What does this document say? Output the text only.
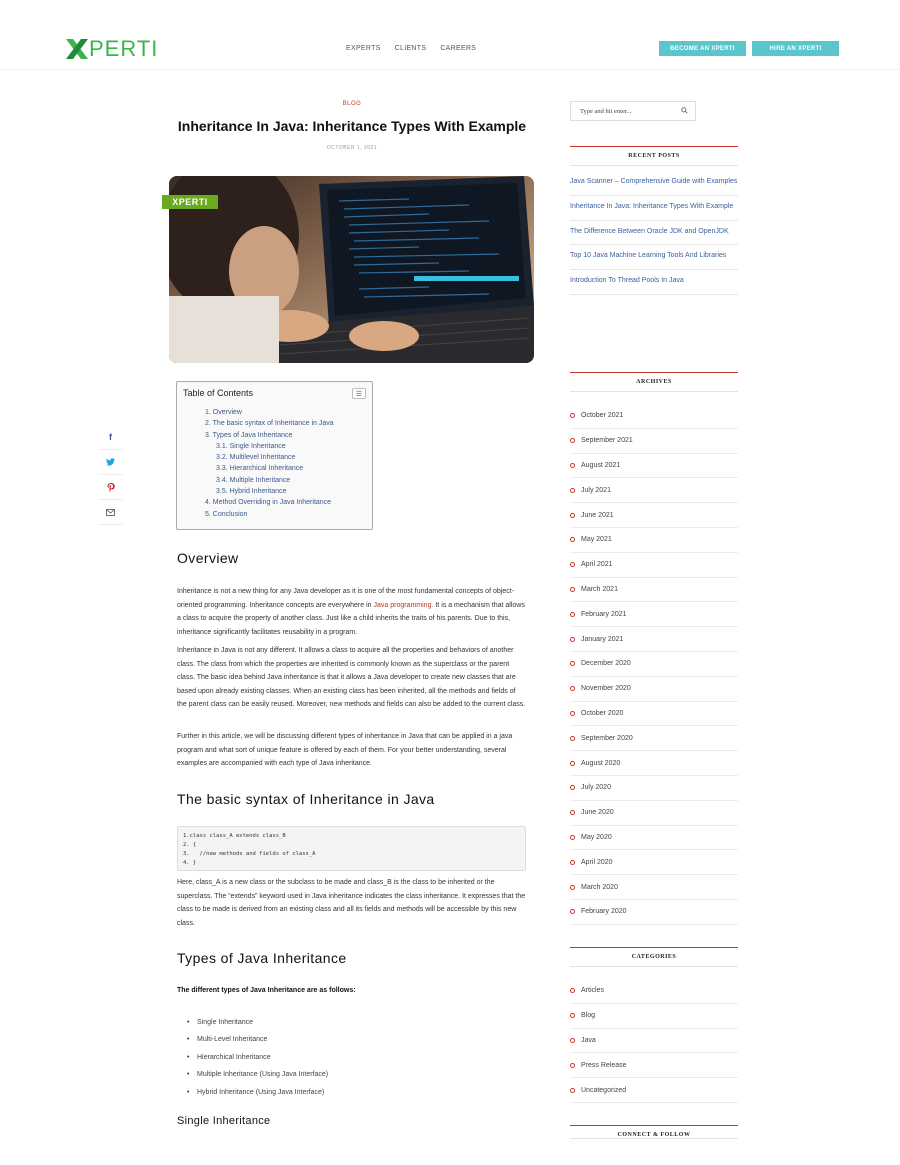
PERTI	EXPERTS CLIENTS CAREERS	BECOME AN XPERTI	HIRE AN XPERTI
f
BLOG
Inheritance In Java: Inheritance Types With Example
OCTOBER 1, 2021
XPERTI
Table of Contents	☰
1. Overview
2. The basic syntax of Inheritance in Java
3. Types of Java Inheritance
3.1. Single Inheritance
3.2. Multilevel Inheritance
3.3. Hierarchical Inheritance
3.4. Multiple Inheritance
3.5. Hybrid Inheritance
4. Method Overriding in Java Inheritance
5. Conclusion
Overview
Inheritance is not a new thing for any Java developer as it is one of the most fundamental concepts of object-oriented programming. Inheritance concepts are everywhere in Java programming. It is a mechanism that allows a class to acquire the property of another class. Just like a child inherits the traits of his parents. Due to this, inheritance significantly facilitates reusability in a program.
Inheritance in Java is not any different. It allows a class to acquire all the properties and behaviors of another class. The class from which the properties are inherited is commonly known as the superclass or the parent class. The basic idea behind Java inheritance is that it allows a Java developer to create new classes that are based upon already existing classes. When an existing class has been inherited, all the methods and fields of the parent class can be easily reused. Moreover, new methods and fields can also be added to the current class.
Further in this article, we will be discussing different types of inheritance in Java that can be applied in a java program and what sort of unique feature is offered by each of them. For your better understanding, several examples are accompanied with each type of Java inheritance.
The basic syntax of Inheritance in Java
1.class class_A extends class_B
2. {
3.   //new methods and fields of class_A
4. }
Here, class_A is a new class or the subclass to be made and class_B is the class to be inherited or the superclass. The “extends” keyword used in Java inheritance indicates the class inheritance. It expresses that the class to be made is derived from an existing class and all its fields and methods will be accessible by this new class.
Types of Java Inheritance
The different types of Java Inheritance are as follows:
• Single Inheritance
• Multi-Level Inheritance
• Hierarchical Inheritance
• Multiple Inheritance (Using Java Interface)
• Hybrid Inheritance (Using Java Interface)
Single Inheritance
Type and hit enter...
RECENT POSTS
Java Scanner – Comprehensive Guide with Examples
Inheritance In Java: Inheritance Types With Example
The Difference Between Oracle JDK and OpenJDK
Top 10 Java Machine Learning Tools And Libraries
Introduction To Thread Pools In Java
ARCHIVES
October 2021
September 2021
August 2021
July 2021
June 2021
May 2021
April 2021
March 2021
February 2021
January 2021
December 2020
November 2020
October 2020
September 2020
August 2020
July 2020
June 2020
May 2020
April 2020
March 2020
February 2020
CATEGORIES
Articles
Blog
Java
Press Release
Uncategorized
CONNECT & FOLLOW
